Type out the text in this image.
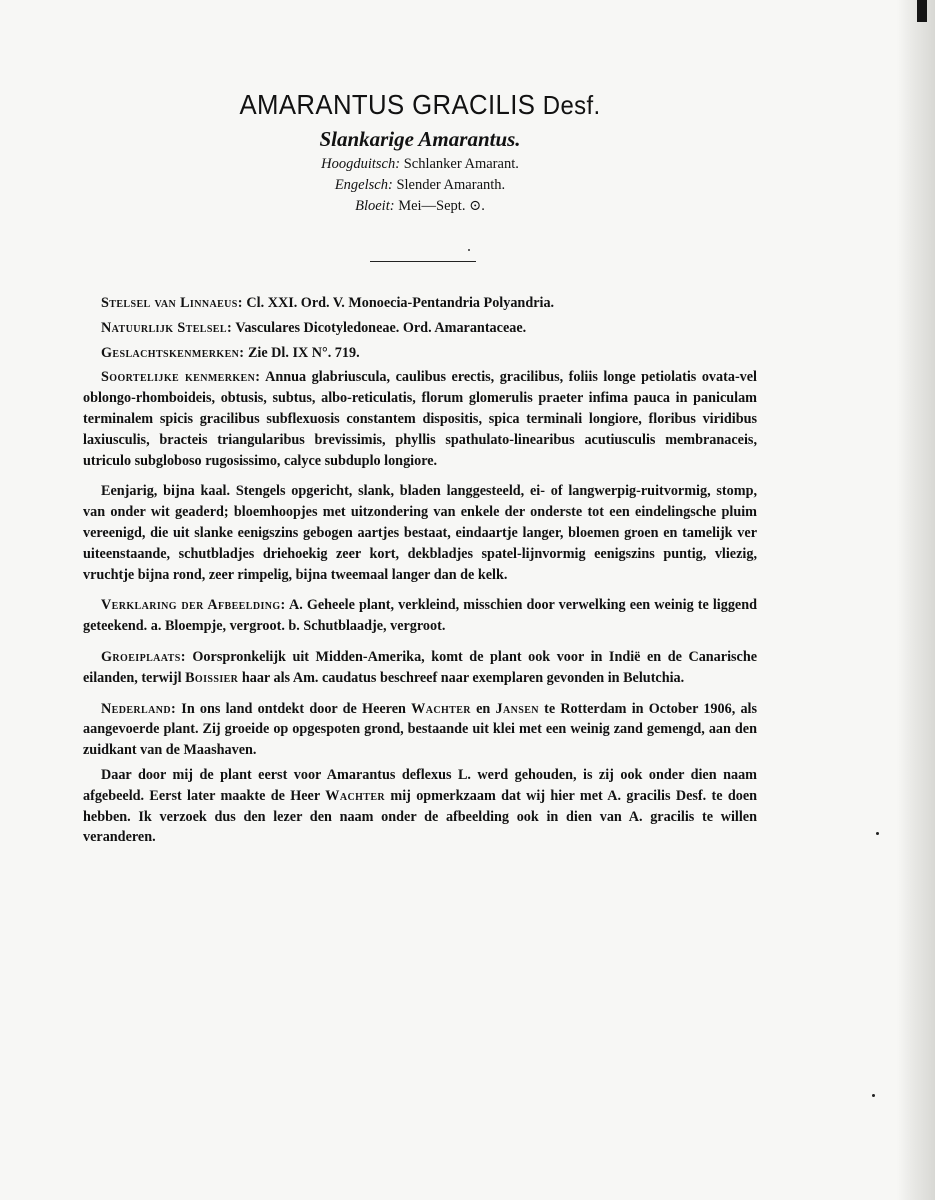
AMARANTUS GRACILIS Desf.

Slankarige Amarantus.

Hoogduitsch: Schlanker Amarant.

Engelsch: Slender Amaranth.

Bloeit: Mei—Sept. ⊙.

Stelsel van Linnaeus: Cl. XXI. Ord. V. Monoecia-Pentandria Polyandria.

Natuurlijk Stelsel: Vasculares Dicotyledoneae. Ord. Amarantaceae.

Geslachtskenmerken: Zie Dl. IX N°. 719.

Soortelijke kenmerken: Annua glabriuscula, caulibus erectis, gracilibus, foliis longe petiolatis ovata-vel oblongo-rhomboideis, obtusis, subtus, albo-reticulatis, florum glomerulis praeter infima pauca in paniculam terminalem spicis gracilibus subflexuosis constantem dispositis, spica terminali longiore, floribus viridibus laxiusculis, bracteis triangularibus brevissimis, phyllis spathulato-linearibus acutiusculis membranaceis, utriculo subgloboso rugosissimo, calyce subduplo longiore.

Eenjarig, bijna kaal. Stengels opgericht, slank, bladen langgesteeld, ei- of langwerpig-ruitvormig, stomp, van onder wit geaderd; bloemhoopjes met uitzondering van enkele der onderste tot een eindelingsche pluim vereenigd, die uit slanke eenigszins gebogen aartjes bestaat, eindaartje langer, bloemen groen en tamelijk ver uiteenstaande, schutbladjes driehoekig zeer kort, dekbladjes spatel-lijnvormig eenigszins puntig, vliezig, vruchtje bijna rond, zeer rimpelig, bijna tweemaal langer dan de kelk.

Verklaring der Afbeelding: A. Geheele plant, verkleind, misschien door verwelking een weinig te liggend geteekend. a. Bloempje, vergroot. b. Schutblaadje, vergroot.

Groeiplaats: Oorspronkelijk uit Midden-Amerika, komt de plant ook voor in Indië en de Canarische eilanden, terwijl Boissier haar als Am. caudatus beschreef naar exemplaren gevonden in Belutchia.

Nederland: In ons land ontdekt door de Heeren Wachter en Jansen te Rotterdam in October 1906, als aangevoerde plant. Zij groeide op opgespoten grond, bestaande uit klei met een weinig zand gemengd, aan den zuidkant van de Maashaven.

Daar door mij de plant eerst voor Amarantus deflexus L. werd gehouden, is zij ook onder dien naam afgebeeld. Eerst later maakte de Heer Wachter mij opmerkzaam dat wij hier met A. gracilis Desf. te doen hebben. Ik verzoek dus den lezer den naam onder de afbeelding ook in dien van A. gracilis te willen veranderen.
